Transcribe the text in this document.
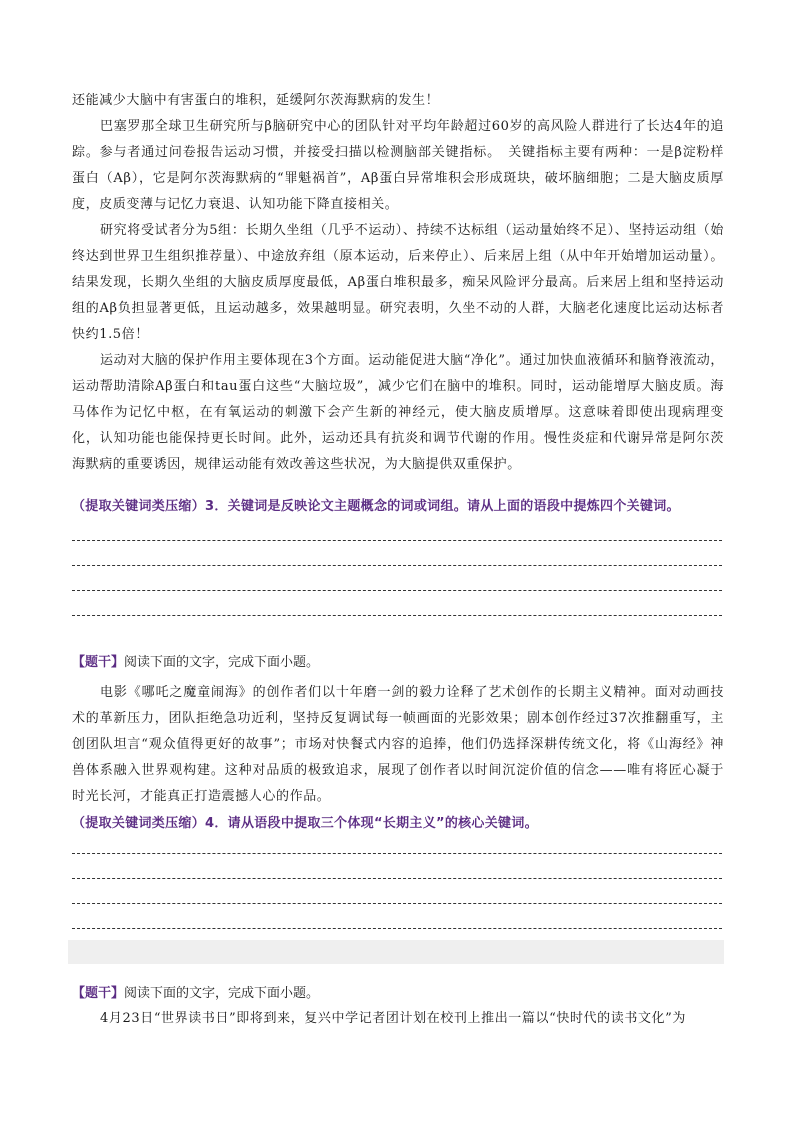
还能减少大脑中有害蛋白的堆积，延缓阿尔茨海默病的发生！

巴塞罗那全球卫生研究所与β脑研究中心的团队针对平均年龄超过60岁的高风险人群进行了长达4年的追踪。参与者通过问卷报告运动习惯，并接受扫描以检测脑部关键指标。　关键指标主要有两种：一是β淀粉样蛋白（Aβ），它是阿尔茨海默病的“罪魁祸首”，Aβ蛋白异常堆积会形成斑块，破坏脑细胞；二是大脑皮质厚度，皮质变薄与记忆力衰退、认知功能下降直接相关。

研究将受试者分为5组：长期久坐组（几乎不运动）、持续不达标组（运动量始终不足）、坚持运动组（始终达到世界卫生组织推荐量）、中途放弃组（原本运动，后来停止）、后来居上组（从中年开始增加运动量）。结果发现，长期久坐组的大脑皮质厚度最低，Aβ蛋白堆积最多，痴呆风险评分最高。后来居上组和坚持运动组的Aβ负担显著更低，且运动越多，效果越明显。研究表明，久坐不动的人群，大脑老化速度比运动达标者快约1.5倍！

运动对大脑的保护作用主要体现在3个方面。运动能促进大脑“净化”。通过加快血液循环和脑脊液流动，运动帮助清除Aβ蛋白和tau蛋白这些“大脑垃圾”，减少它们在脑中的堆积。同时，运动能增厚大脑皮质。海马体作为记忆中枢，在有氧运动的刺激下会产生新的神经元，使大脑皮质增厚。这意味着即使出现病理变化，认知功能也能保持更长时间。此外，运动还具有抗炎和调节代谢的作用。慢性炎症和代谢异常是阿尔茨海默病的重要诱因，规律运动能有效改善这些状况，为大脑提供双重保护。

（提取关键词类压缩）3．关键词是反映论文主题概念的词或词组。请从上面的语段中提炼四个关键词。

【题干】阅读下面的文字，完成下面小题。

电影《哪吒之魔童闹海》的创作者们以十年磨一剑的毅力诠释了艺术创作的长期主义精神。面对动画技术的革新压力，团队拒绝急功近利，坚持反复调试每一帧画面的光影效果；剧本创作经过37次推翻重写，主创团队坦言“观众值得更好的故事”；市场对快餐式内容的追捧，他们仍选择深耕传统文化，将《山海经》神兽体系融入世界观构建。这种对品质的极致追求，展现了创作者以时间沉淀价值的信念——唯有将匠心凝于时光长河，才能真正打造震撼人心的作品。

（提取关键词类压缩）4．请从语段中提取三个体现“长期主义”的核心关键词。

【题干】阅读下面的文字，完成下面小题。

4月23日“世界读书日”即将到来，复兴中学记者团计划在校刊上推出一篇以“快时代的读书文化”为
